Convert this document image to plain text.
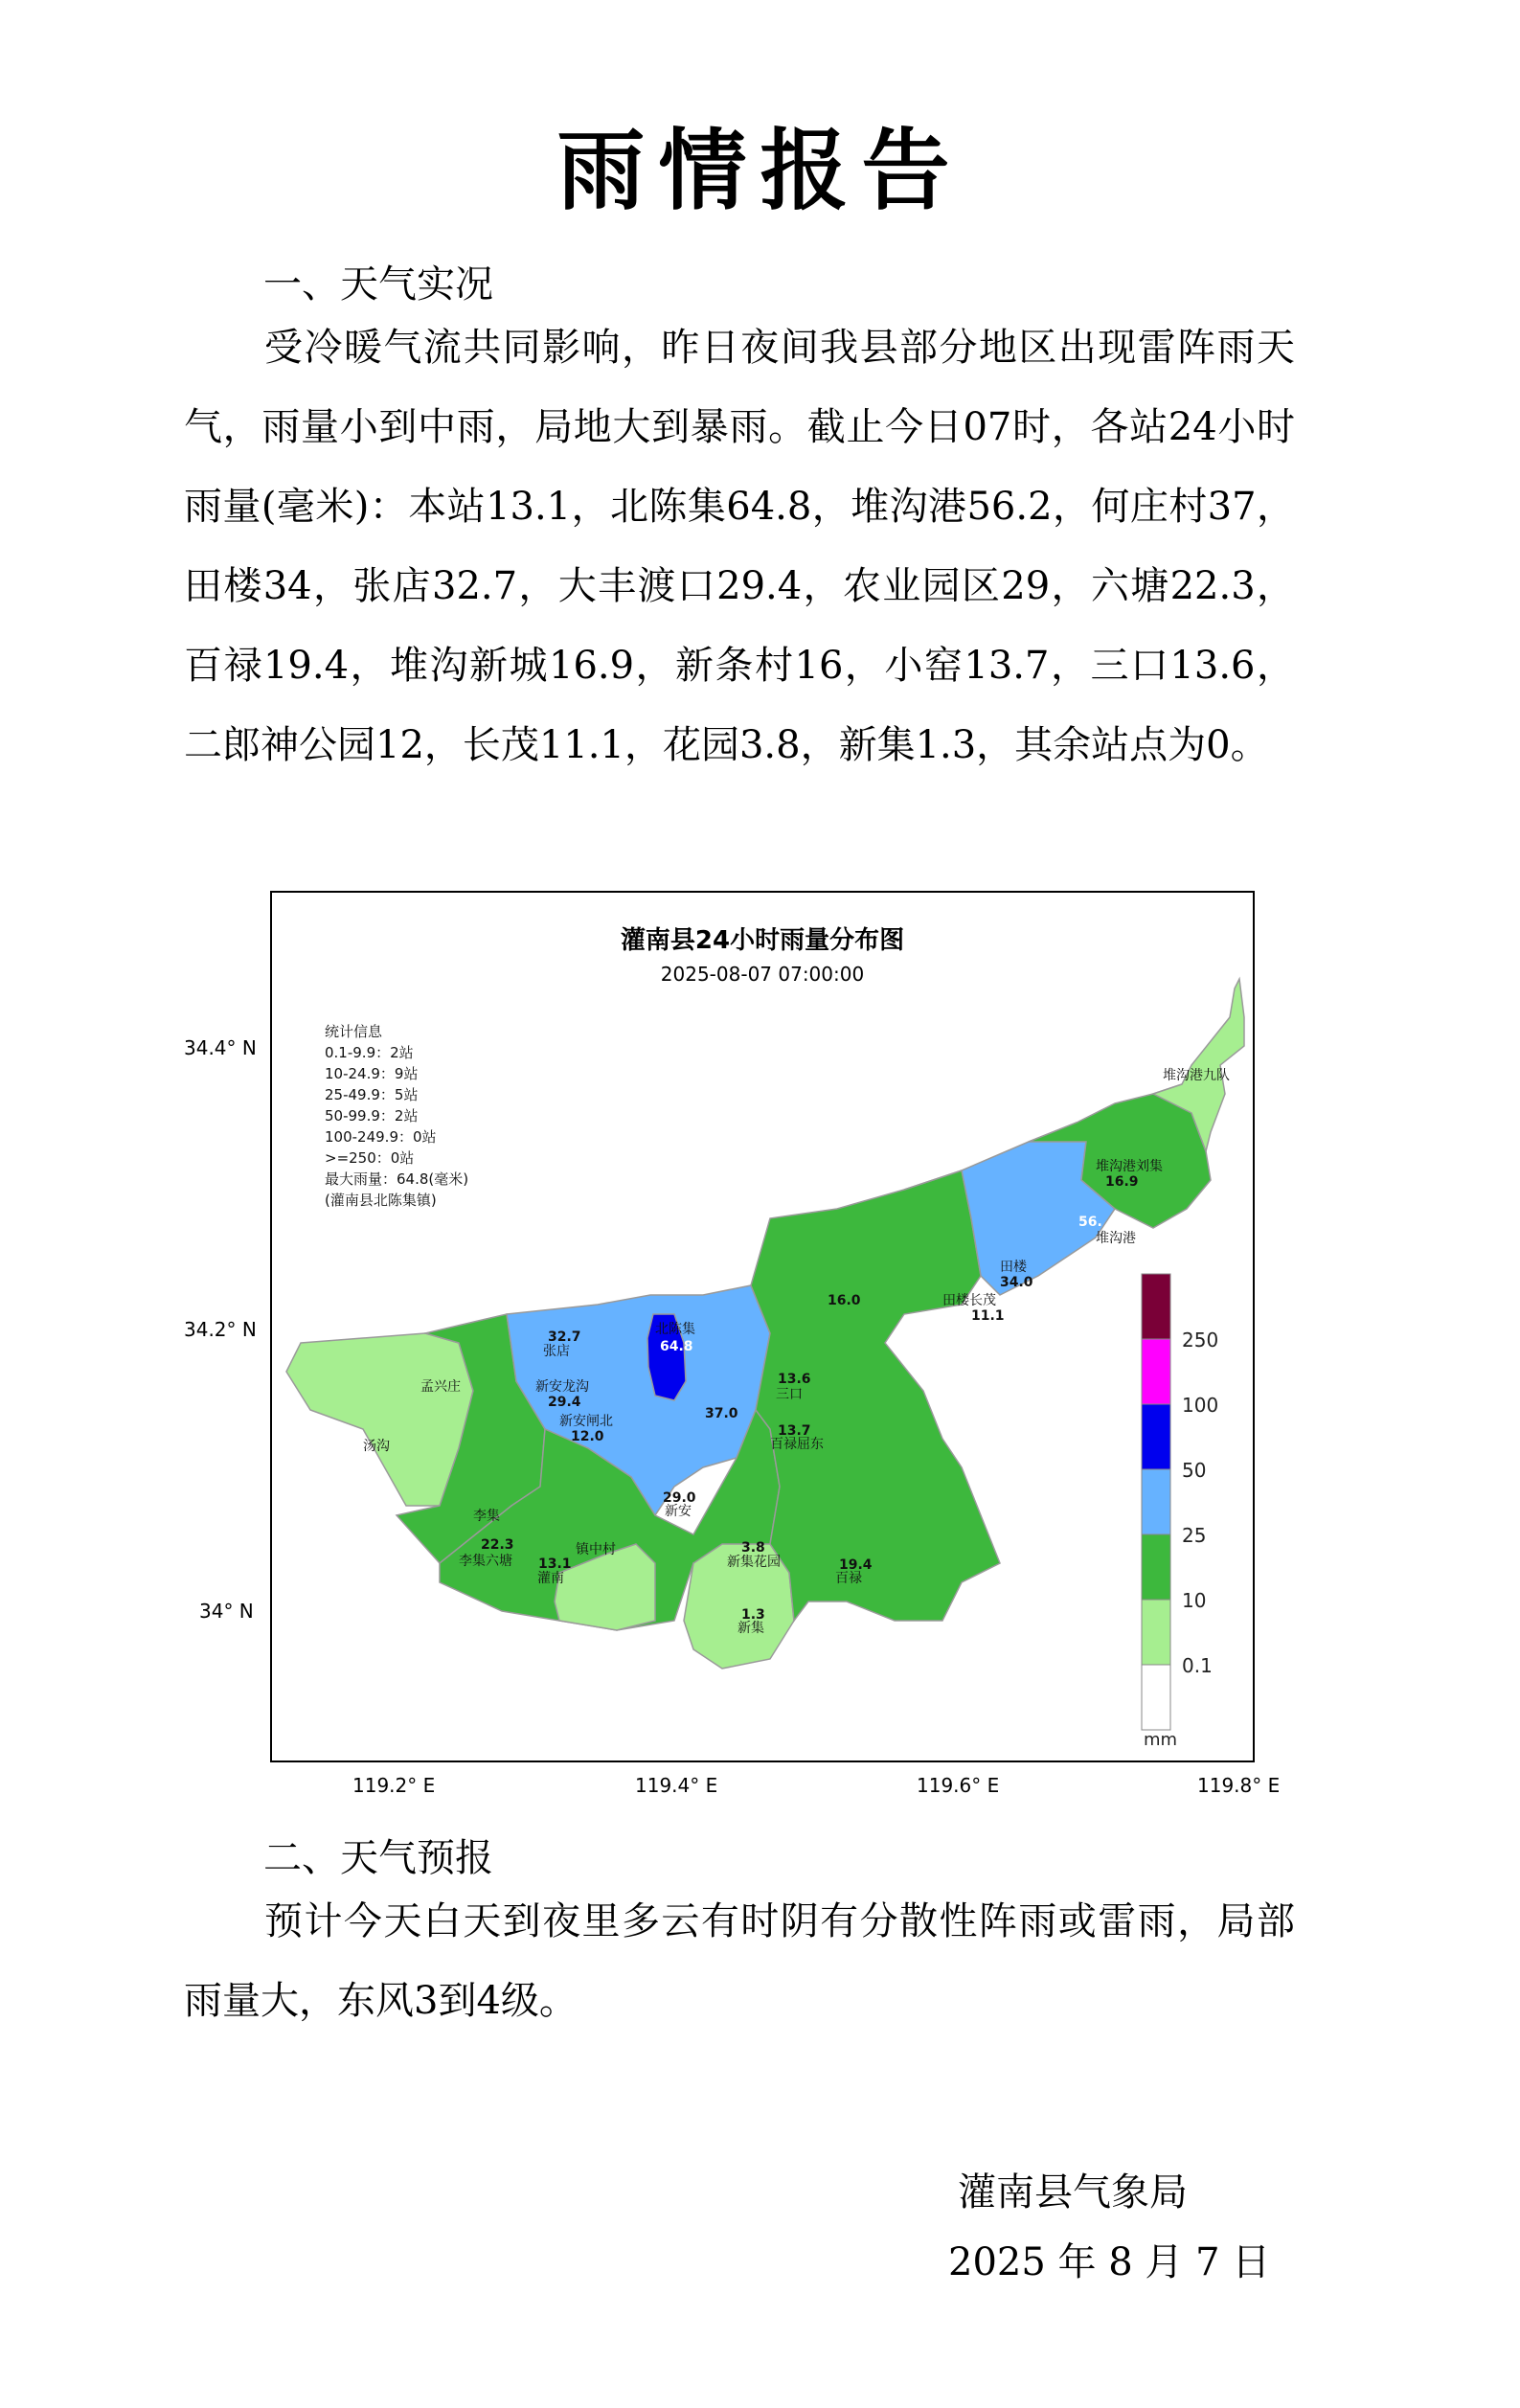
雨情报告
一、天气实况
受冷暖气流共同影响，昨日夜间我县部分地区出现雷阵雨天气，雨量小到中雨，局地大到暴雨。截止今日07时，各站24小时雨量(毫米)：本站13.1，北陈集64.8，堆沟港56.2，何庄村37，田楼34，张店32.7，大丰渡口29.4，农业园区29，六塘22.3，百禄19.4，堆沟新城16.9，新条村16，小窑13.7，三口13.6，二郎神公园12，长茂11.1，花园3.8，新集1.3，其余站点为0。
灌南县24小时雨量分布图
2025-08-07 07:00:00
统计信息
0.1-9.9：2站
10-24.9：9站
25-49.9：5站
50-99.9：2站
100-249.9：0站
>=250：0站
最大雨量：64.8(毫米)
(灌南县北陈集镇)
堆沟港九队
堆沟港刘集
堆沟港
田楼
田楼长茂
北陈集
张店
孟兴庄
汤沟
新安龙沟
新安闸北
三口
百禄屈东
李集
李集六塘
镇中村
灌南
新安
新集花园
百禄
新集
16.9
56.
34.0
11.1
16.0
64.8
32.7
29.4
12.0
37.0
13.6
13.7
22.3
13.1
29.0
3.8
19.4
1.3
250
100
50
25
10
0.1
mm
34.4° N
34.2° N
34° N
119.2° E	119.4° E	119.6° E	119.8° E
二、天气预报
预计今天白天到夜里多云有时阴有分散性阵雨或雷雨，局部雨量大，东风3到4级。
灌南县气象局
2025 年 8 月 7 日
